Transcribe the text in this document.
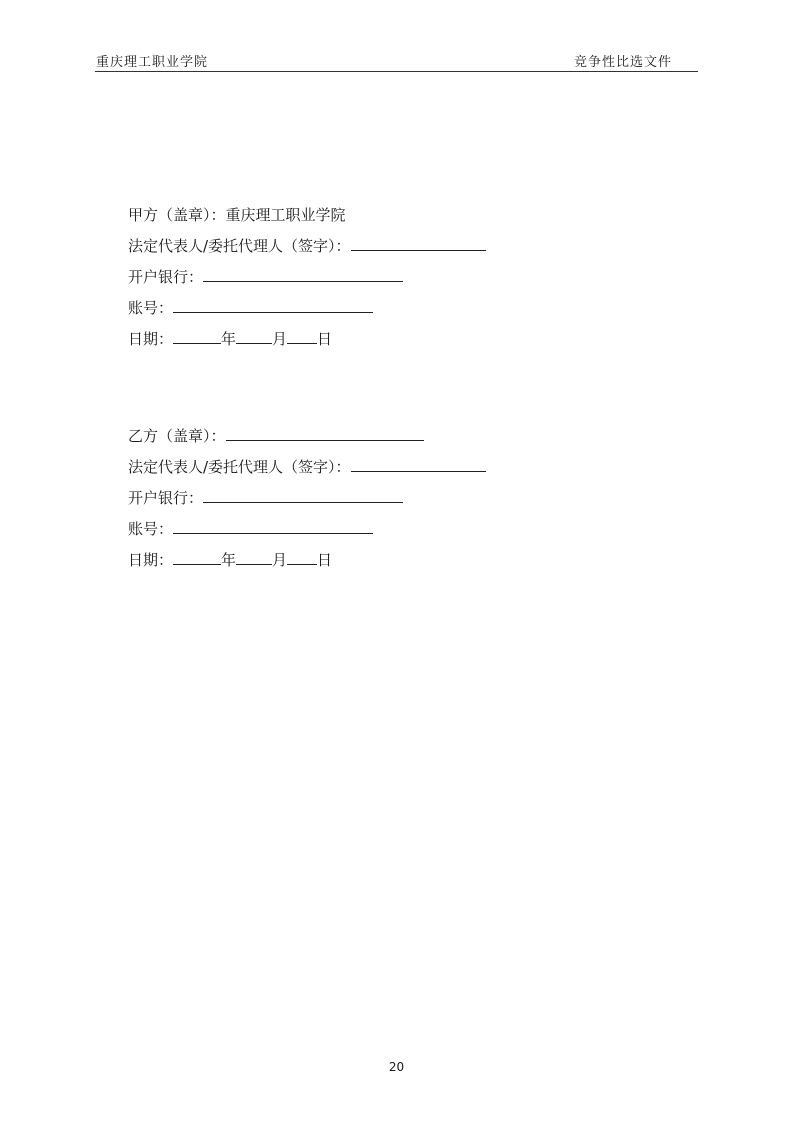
重庆理工职业学院	竞争性比选文件
甲方（盖章）：重庆理工职业学院
法定代表人/委托代理人（签字）：
开户银行：
账号：
日期：	年 月 日
乙方（盖章）：
法定代表人/委托代理人（签字）：
开户银行：
账号：
日期：	年 月 日
20
